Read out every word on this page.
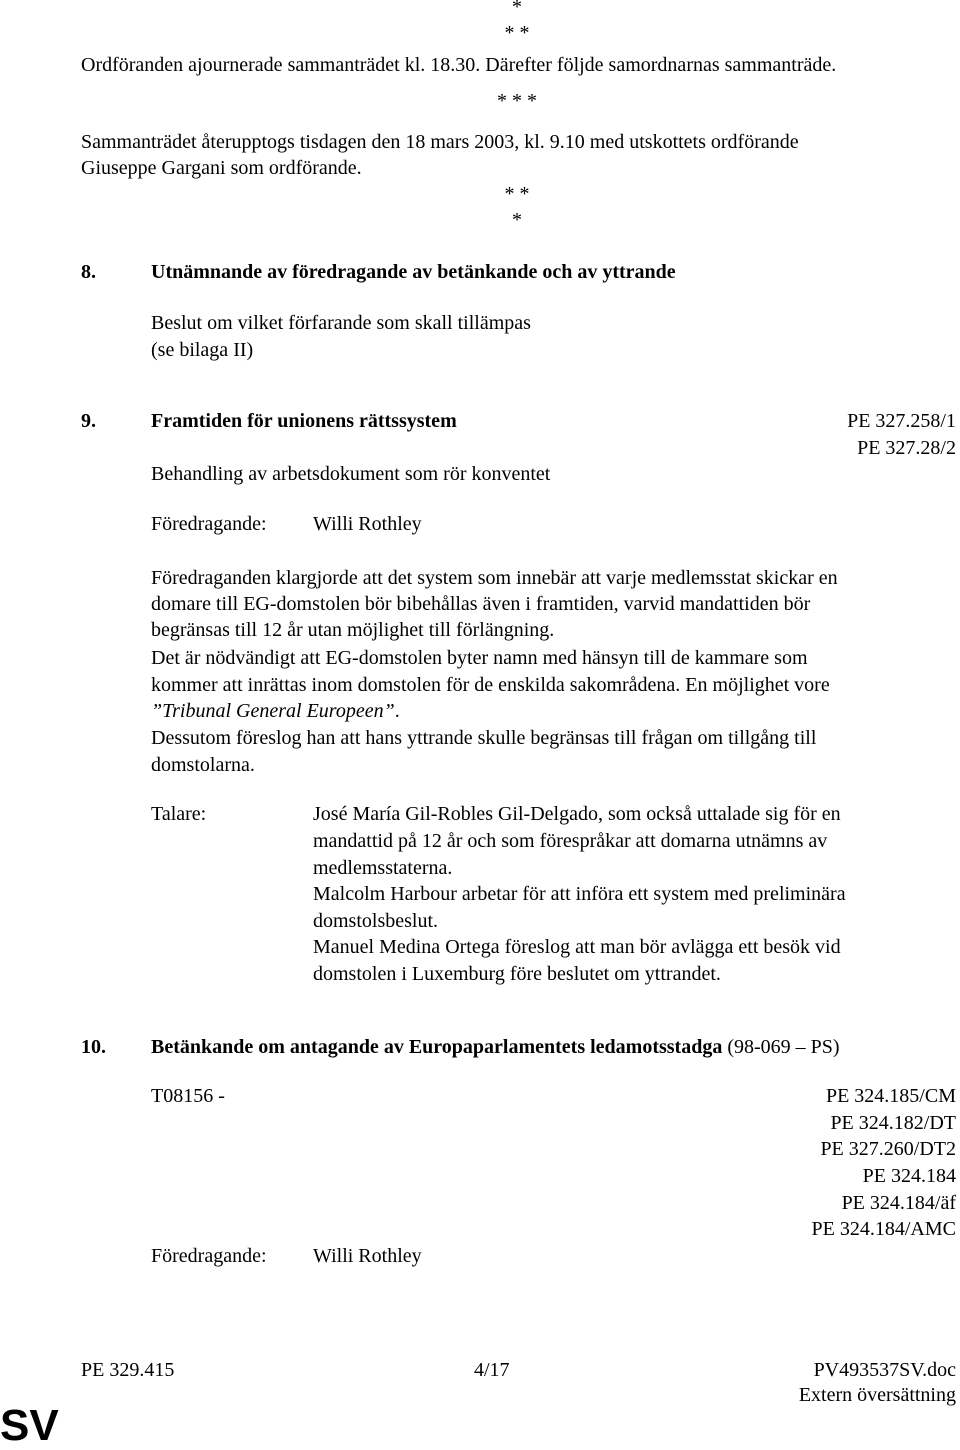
*
* *
Ordföranden ajournerade sammanträdet kl. 18.30. Därefter följde samordnarnas sammanträde.
* * *
Sammanträdet återupptogs tisdagen den 18 mars 2003, kl. 9.10 med utskottets ordförande
Giuseppe Gargani som ordförande.
* *
*
8.	Utnämnande av föredragande av betänkande och av yttrande
Beslut om vilket förfarande som skall tillämpas
(se bilaga II)
9.	Framtiden för unionens rättssystem	PE 327.258/1
PE 327.28/2
Behandling av arbetsdokument som rör konventet
Föredragande: Willi Rothley
Föredraganden klargjorde att det system som innebär att varje medlemsstat skickar en
domare till EG-domstolen bör bibehållas även i framtiden, varvid mandattiden bör
begränsas till 12 år utan möjlighet till förlängning.
Det är nödvändigt att EG-domstolen byter namn med hänsyn till de kammare som
kommer att inrättas inom domstolen för de enskilda sakområdena. En möjlighet vore
”Tribunal General Europeen”.
Dessutom föreslog han att hans yttrande skulle begränsas till frågan om tillgång till
domstolarna.
Talare:	José María Gil-Robles Gil-Delgado, som också uttalade sig för en
mandattid på 12 år och som förespråkar att domarna utnämns av
medlemsstaterna.
Malcolm Harbour arbetar för att införa ett system med preliminära
domstolsbeslut.
Manuel Medina Ortega föreslog att man bör avlägga ett besök vid
domstolen i Luxemburg före beslutet om yttrandet.
10. Betänkande om antagande av Europaparlamentets ledamotsstadga (98-069 – PS)
T08156 -	PE 324.185/CM
PE 324.182/DT
PE 327.260/DT2
PE 324.184
PE 324.184/äf
PE 324.184/AMC
Föredragande: Willi Rothley
PE 329.415	4/17	PV493537SV.doc
Extern översättning
SV
